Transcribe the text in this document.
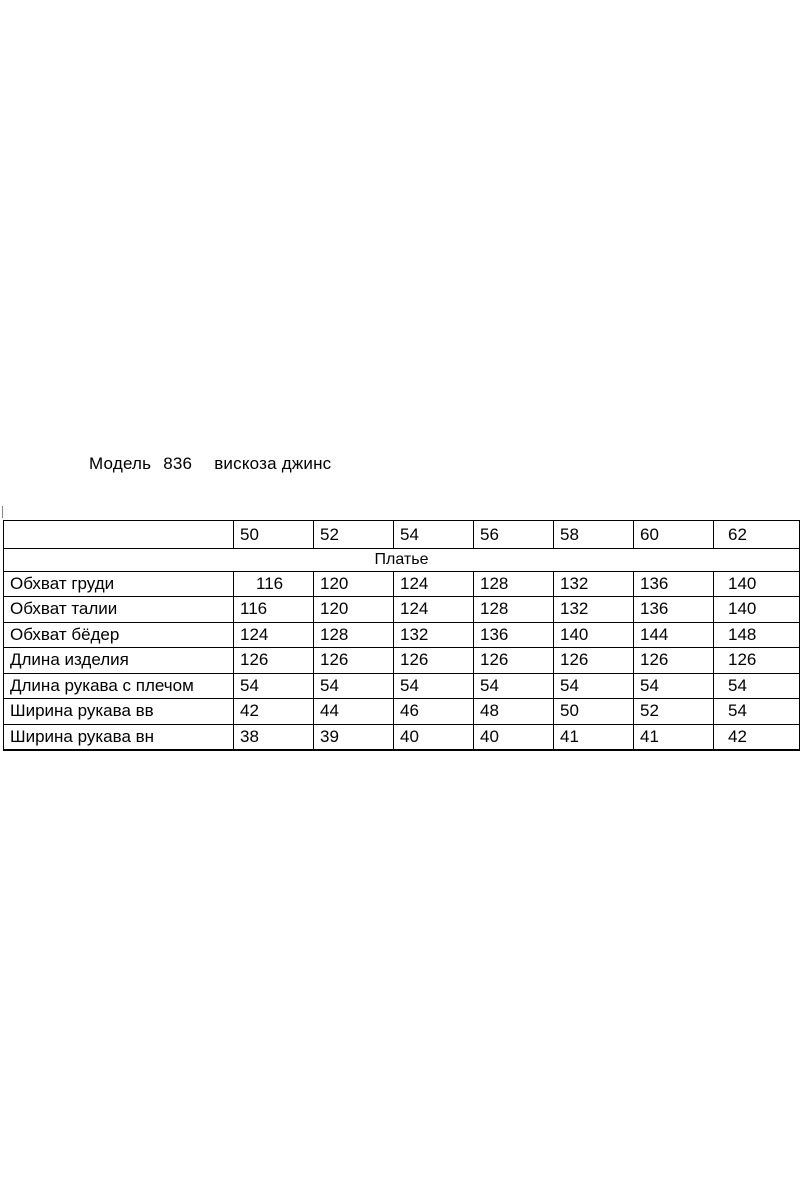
Модель 836 вискоза джинс
	50	52	54	56	58	60	62
Платье							
Обхват груди	116	120	124	128	132	136	140
Обхват талии	116	120	124	128	132	136	140
Обхват бёдер	124	128	132	136	140	144	148
Длина изделия	126	126	126	126	126	126	126
Длина рукава с плечом	54	54	54	54	54	54	54
Ширина рукава вв	42	44	46	48	50	52	54
Ширина рукава вн	38	39	40	40	41	41	42
